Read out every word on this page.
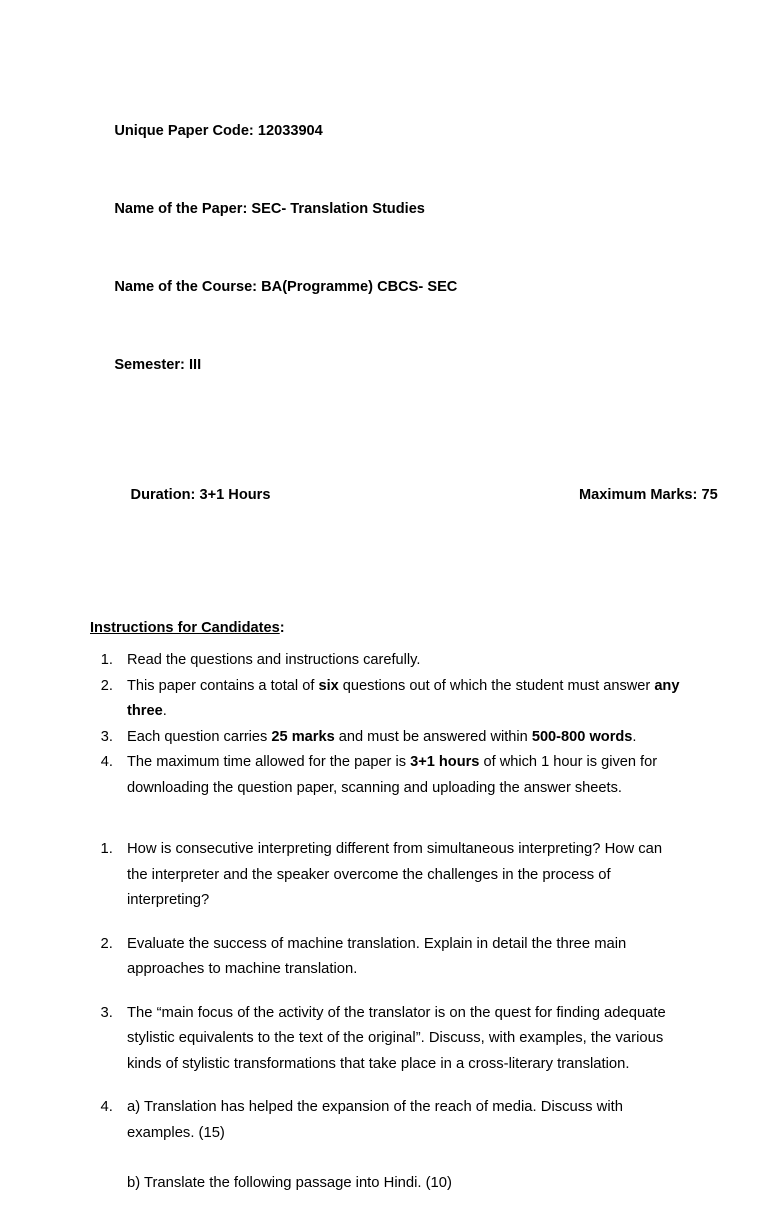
Unique Paper Code: 12033904

Name of the Paper: SEC- Translation Studies

Name of the Course: BA(Programme) CBCS- SEC

Semester: III

Duration: 3+1 Hours
	Maximum Marks: 75

Instructions for Candidates:
1. Read the questions and instructions carefully.
2. This paper contains a total of six questions out of which the student must answer any three.
3. Each question carries 25 marks and must be answered within 500-800 words.
4. The maximum time allowed for the paper is 3+1 hours of which 1 hour is given for downloading the question paper, scanning and uploading the answer sheets.

1. How is consecutive interpreting different from simultaneous interpreting? How can the interpreter and the speaker overcome the challenges in the process of interpreting?

2. Evaluate the success of machine translation. Explain in detail the three main approaches to machine translation.

3. The “main focus of the activity of the translator is on the quest for finding adequate stylistic equivalents to the text of the original”. Discuss, with examples, the various kinds of stylistic transformations that take place in a cross-literary translation.

4. a) Translation has helped the expansion of the reach of media. Discuss with examples. (15)

b) Translate the following passage into Hindi. (10)
